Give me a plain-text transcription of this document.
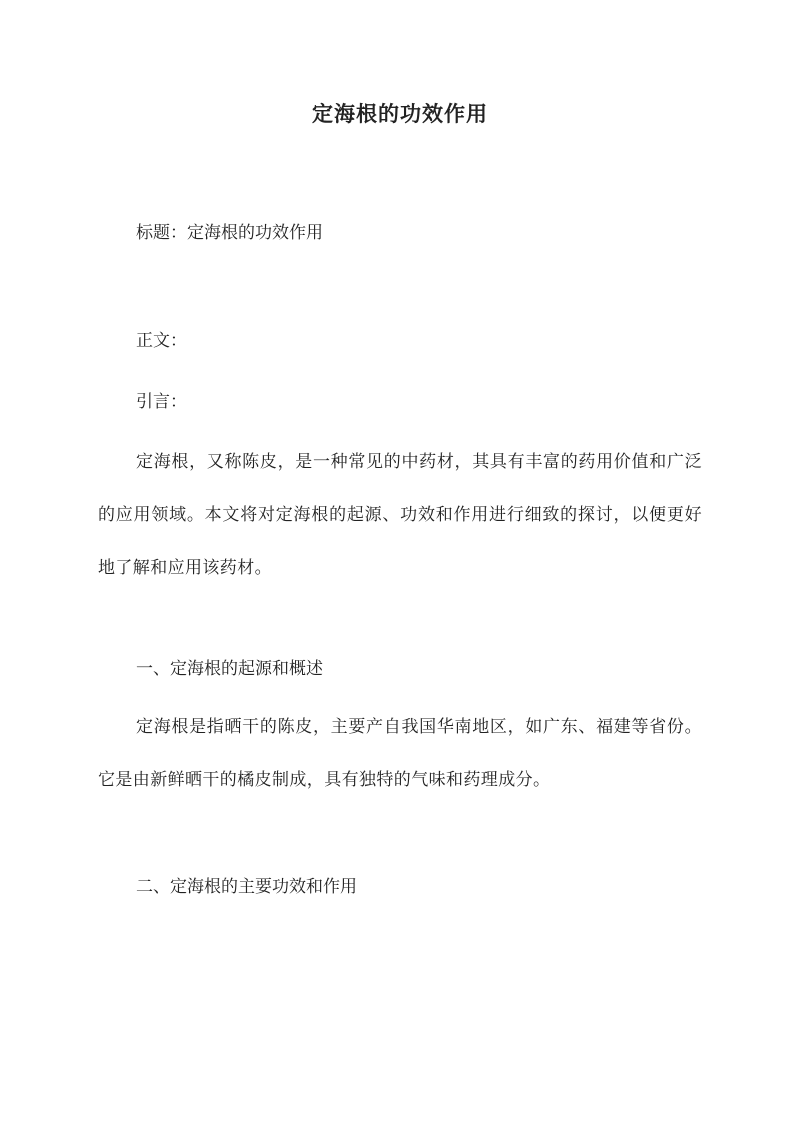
定海根的功效作用
标题：定海根的功效作用
正文：
引言：
定海根，又称陈皮，是一种常见的中药材，其具有丰富的药用价值和广泛的应用领域。本文将对定海根的起源、功效和作用进行细致的探讨，以便更好地了解和应用该药材。
一、定海根的起源和概述
定海根是指晒干的陈皮，主要产自我国华南地区，如广东、福建等省份。它是由新鲜晒干的橘皮制成，具有独特的气味和药理成分。
二、定海根的主要功效和作用
